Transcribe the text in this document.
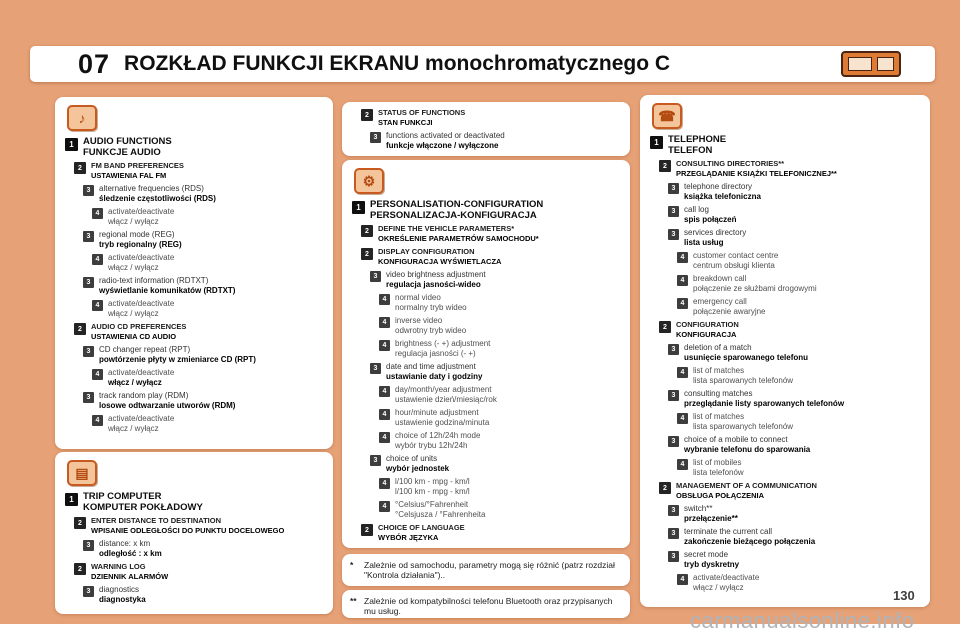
07 ROZKŁAD FUNKCJI EKRANU monochromatycznego C
♪
1 AUDIO FUNCTIONS
FUNKCJE AUDIO
2	FM BAND PREFERENCES
USTAWIENIA FAL FM
3	alternative frequencies (RDS)
śledzenie częstotliwości (RDS)
4	activate/deactivate
włącz / wyłącz
3	regional mode (REG)
tryb regionalny (REG)
4	activate/deactivate
włącz / wyłącz
3	radio-text information (RDTXT)
wyświetlanie komunikatów (RDTXT)
4	activate/deactivate
włącz / wyłącz
2	AUDIO CD PREFERENCES
USTAWIENIA CD AUDIO
3	CD changer repeat (RPT)
powtórzenie płyty w zmieniarce CD (RPT)
4	activate/deactivate
włącz / wyłącz
3	track random play (RDM)
losowe odtwarzanie utworów (RDM)
4	activate/deactivate
włącz / wyłącz
▤
1 TRIP COMPUTER
KOMPUTER POKŁADOWY
2	ENTER DISTANCE TO DESTINATION
WPISANIE ODLEGŁOŚCI DO PUNKTU DOCELOWEGO
3	distance: x km
odległość : x km
2	WARNING LOG
DZIENNIK ALARMÓW
3	diagnostics
diagnostyka
2	STATUS OF FUNCTIONS
STAN FUNKCJI
3	functions activated or deactivated
funkcje włączone / wyłączone
⚙
1 PERSONALISATION-CONFIGURATION
PERSONALIZACJA-KONFIGURACJA
2	DEFINE THE VEHICLE PARAMETERS*
OKREŚLENIE PARAMETRÓW SAMOCHODU*
2	DISPLAY CONFIGURATION
KONFIGURACJA WYŚWIETLACZA
3	video brightness adjustment
regulacja jasności-wideo
4	normal video
normalny tryb wideo
4	inverse video
odwrotny tryb wideo
4	brightness (- +) adjustment
regulacja jasności (- +)
3	date and time adjustment
ustawianie daty i godziny
4	day/month/year adjustment
ustawienie dzień/miesiąc/rok
4	hour/minute adjustment
ustawienie godzina/minuta
4	choice of 12h/24h mode
wybór trybu 12h/24h
3	choice of units
wybór jednostek
4	l/100 km - mpg - km/l
l/100 km - mpg - km/l
4	°Celsius/°Fahrenheit
°Celsjusza / °Fahrenheita
2	CHOICE OF LANGUAGE
WYBÓR JĘZYKA
☎
1 TELEPHONE
TELEFON
2	CONSULTING DIRECTORIES**
PRZEGLĄDANIE KSIĄŻKI TELEFONICZNEJ**
3	telephone directory
książka telefoniczna
3	call log
spis połączeń
3	services directory
lista usług
4	customer contact centre
centrum obsługi klienta
4	breakdown call
połączenie ze służbami drogowymi
4	emergency call
połączenie awaryjne
2	CONFIGURATION
KONFIGURACJA
3	deletion of a match
usunięcie sparowanego telefonu
4	list of matches
lista sparowanych telefonów
3	consulting matches
przeglądanie listy sparowanych telefonów
4	list of matches
lista sparowanych telefonów
3	choice of a mobile to connect
wybranie telefonu do sparowania
4	list of mobiles
lista telefonów
2	MANAGEMENT OF A COMMUNICATION
OBSŁUGA POŁĄCZENIA
3	switch**
przełączenie**
3	terminate the current call
zakończenie bieżącego połączenia
3	secret mode
tryb dyskretny
4	activate/deactivate
włącz / wyłącz
*	Zależnie od samochodu, parametry mogą się różnić (patrz rozdział "Kontrola działania")..
** Zależnie od kompatybilności telefonu Bluetooth oraz przypisanych mu usług.
130
carmanualsonline.info
